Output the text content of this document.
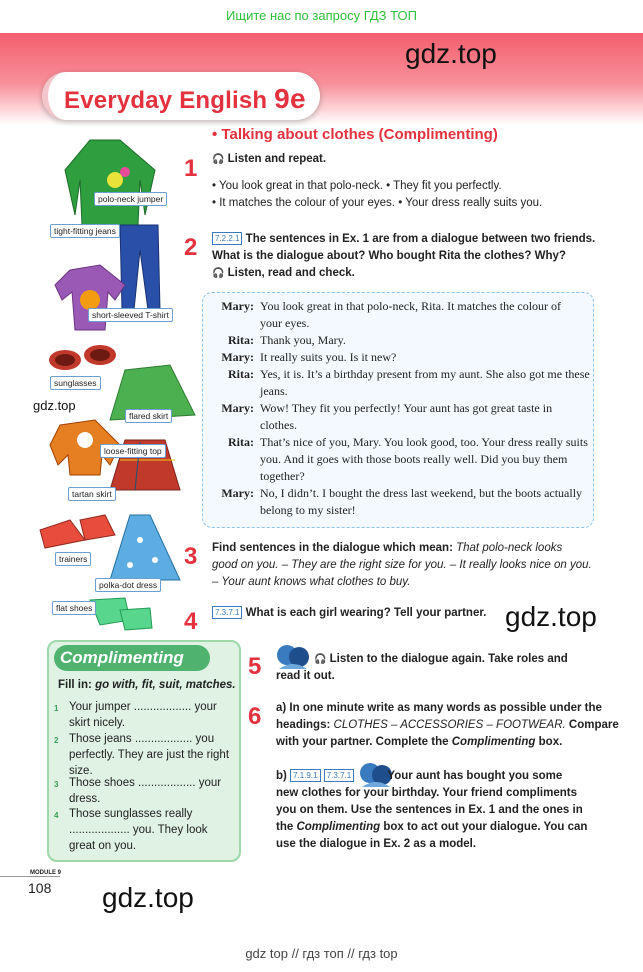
Ищите нас по запросу ГДЗ ТОП
Everyday English 9e
gdz.top
• Talking about clothes (Complimenting)
polo-neck jumper
tight-fitting jeans
short-sleeved T-shirt
sunglasses
flared skirt
loose-fitting top
tartan skirt
trainers
polka-dot dress
flat shoes
gdz.top
1 🎧 Listen and repeat.
• You look great in that polo-neck. • They fit you perfectly.
• It matches the colour of your eyes. • Your dress really suits you.
2	7.2.2.1 The sentences in Ex. 1 are from a dialogue between two friends.
What is the dialogue about? Who bought Rita the clothes? Why?
🎧 Listen, read and check.
Mary: You look great in that polo-neck, Rita. It matches the colour of
your eyes.
Rita: Thank you, Mary.
Mary: It really suits you. Is it new?
Rita: Yes, it is. It’s a birthday present from my aunt. She also got me these
jeans.
Mary: Wow! They fit you perfectly! Your aunt has got great taste in
clothes.
Rita: That’s nice of you, Mary. You look good, too. Your dress really suits
you. And it goes with those boots really well. Did you buy them
together?
Mary: No, I didn’t. I bought the dress last weekend, but the boots actually
belong to my sister!
3 Find sentences in the dialogue which mean: That polo-neck looks
good on you. – They are the right size for you. – It really looks nice on you.
– Your aunt knows what clothes to buy.
4	7.3.7.1 What is each girl wearing? Tell your partner. gdz.top
Complimenting
Fill in: go with, fit, suit, matches.
1 Your jumper .................. your
skirt nicely.
2 Those jeans .................. you
perfectly. They are just the right
size.
3 Those shoes .................. your
dress.
4 Those sunglasses really
................... you. They look
great on you.
5	🎧 Listen to the dialogue again. Take roles and
read it out.
6 a) In one minute write as many words as possible under the
headings: CLOTHES – ACCESSORIES – FOOTWEAR. Compare
with your partner. Complete the Complimenting box.
b) 7.1.9.1 7.3.7.1	Your aunt has bought you some
new clothes for your birthday. Your friend compliments
you on them. Use the sentences in Ex. 1 and the ones in
the Complimenting box to act out your dialogue. You can
use the dialogue in Ex. 2 as a model.
MODULE 9
108 gdz.top
gdz top // гдз топ // гдз top
